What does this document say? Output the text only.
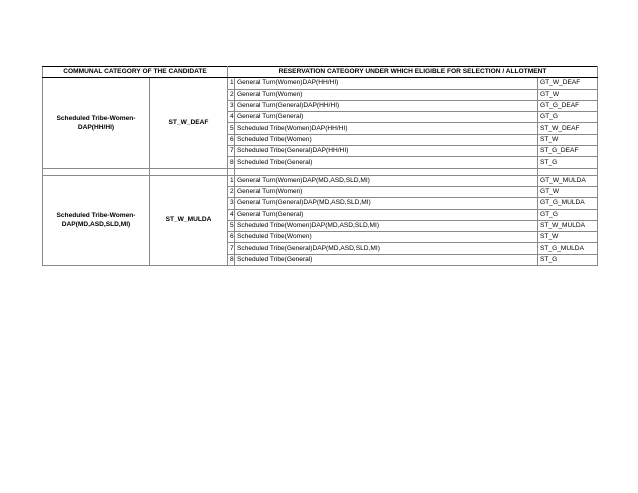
COMMUNAL CATEGORY OF THE CANDIDATE		RESERVATION CATEGORY UNDER WHICH ELIGIBLE FOR SELECTION / ALLOTMENT		
Scheduled Tribe-Women-DAP(HH/HI)	ST_W_DEAF	1	General Turn(Women)DAP(HH/HI)	GT_W_DEAF
		2	General Turn(Women)	GT_W
		3	General Turn(General)DAP(HH/HI)	GT_G_DEAF
		4	General Turn(General)	GT_G
		5	Scheduled Tribe(Women)DAP(HH/HI)	ST_W_DEAF
		6	Scheduled Tribe(Women)	ST_W
		7	Scheduled Tribe(General)DAP(HH/HI)	ST_G_DEAF
		8	Scheduled Tribe(General)	ST_G

Scheduled Tribe-Women-DAP(MD,ASD,SLD,MI)	ST_W_MULDA	1	General Turn(Women)DAP(MD,ASD,SLD,MI)	GT_W_MULDA
		2	General Turn(Women)	GT_W
		3	General Turn(General)DAP(MD,ASD,SLD,MI)	GT_G_MULDA
		4	General Turn(General)	GT_G
		5	Scheduled Tribe(Women)DAP(MD,ASD,SLD,MI)	ST_W_MULDA
		6	Scheduled Tribe(Women)	ST_W
		7	Scheduled Tribe(General)DAP(MD,ASD,SLD,MI)	ST_G_MULDA
		8	Scheduled Tribe(General)	ST_G
